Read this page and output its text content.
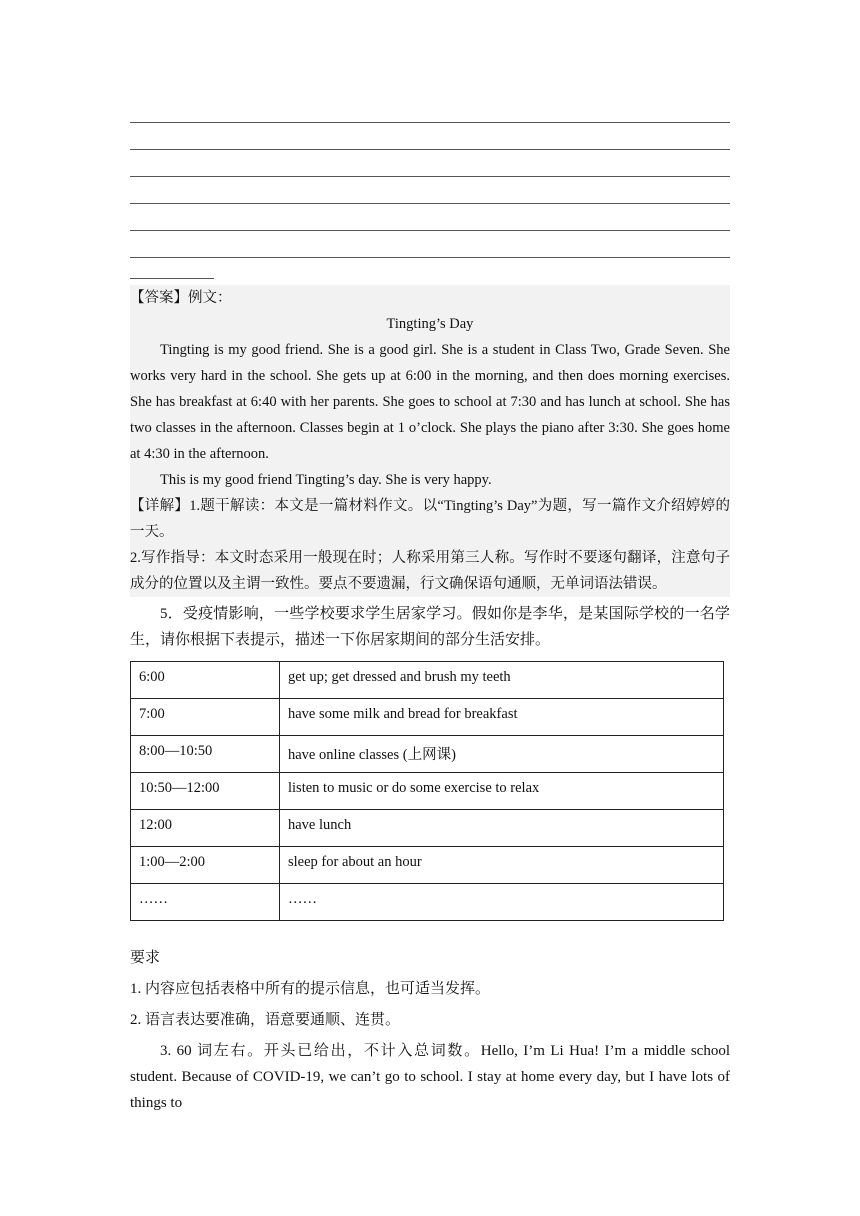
【答案】例文：

Tingting’s Day

Tingting is my good friend. She is a good girl. She is a student in Class Two, Grade Seven. She works very hard in the school. She gets up at 6:00 in the morning, and then does morning exercises. She has breakfast at 6:40 with her parents. She goes to school at 7:30 and has lunch at school. She has two classes in the afternoon. Classes begin at 1 o’clock. She plays the piano after 3:30. She goes home at 4:30 in the afternoon.

This is my good friend Tingting’s day. She is very happy.

【详解】1.题干解读：本文是一篇材料作文。以“Tingting’s Day”为题，写一篇作文介绍婷婷的一天。

2.写作指导：本文时态采用一般现在时；人称采用第三人称。写作时不要逐句翻译，注意句子成分的位置以及主谓一致性。要点不要遗漏，行文确保语句通顺，无单词语法错误。

5．受疫情影响，一些学校要求学生居家学习。假如你是李华，是某国际学校的一名学生，请你根据下表提示，描述一下你居家期间的部分生活安排。

6:00	get up; get dressed and brush my teeth
7:00	have some milk and bread for breakfast
8:00—10:50	have online classes (上网课)
10:50—12:00	listen to music or do some exercise to relax
12:00	have lunch
1:00—2:00	sleep for about an hour
……	……

要求

1. 内容应包括表格中所有的提示信息，也可适当发挥。

2. 语言表达要准确，语意要通顺、连贯。

3. 60 词左右。开头已给出，不计入总词数。Hello, I’m Li Hua! I’m a middle school student. Because of COVID-19, we can’t go to school. I stay at home every day, but I have lots of things to
